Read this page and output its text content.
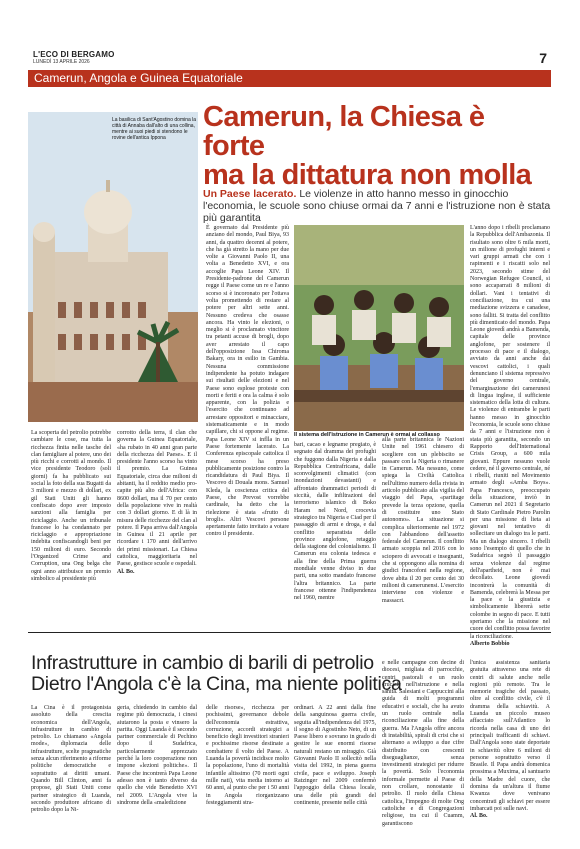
L'ECO DI BERGAMO
LUNEDÌ 13 APRILE 2026	7
Camerun, Angola e Guinea Equatoriale
La basilica di Sant'Agostino domina la città di Annaba dall'alto di una collina, mentre ai suoi piedi si stendono le rovine dell'antica Ippona
Camerun, la Chiesa è forte
ma la dittatura non molla
Un Paese lacerato. Le violenze in atto hanno messo in ginocchio l'economia, le scuole sono chiuse ormai da 7 anni e l'istruzione non è stata più garantita

La scoperta del petrolio potrebbe cambiare le cose, ma tutta la ricchezza finita nelle tasche del clan famigliare al potere, uno dei più ricchi e corrotti al mondo. Il vice presidente Teodoro (soli giorni) fa ha pubblicato sui social la foto della sua Bugatti da 3 milioni e mezzo di dollari, ex gil Stati Uniti gli hanno confiscato dopo aver imposto sanzioni alla famiglia per riciclaggio. Anche un tribunale francese lo ha condannato per riciclaggio e appropriazione indebita confiscandogli beni per 150 milioni di euro. Secondo l'Organized Crime and Corruption, una Ong belga che ogni anno attribuisce un premio simbolico al presidente più

corrotto della terra, il clan che governa la Guinea Equatoriale, «ha rubato in 40 anni gran parte della ricchezza del Paese». E il presidente l'anno scorso ha vinto il premio. La Guinea Equatoriale, circa due milioni di abitanti, ha il reddito medio pro-capite più alto dell'Africa: con 8600 dollari, ma il 70 per cento della popolazione vive in realtà con 3 dollari giorno. E di là in misura delle ricchezze del clan al potere. Il Papa arriva dall'Angola in Guinea il 21 aprile per ricordare i 170 anni dell'arrivo dei primi missionari. La Chiesa cattolica, maggioritaria nel Paese, gestisce scuole e ospedali.

Al. Bo.

È governato dal Presidente più anziano del mondo, Paul Biya, 93 anni, da quattro decenni al potere, che ha già stretto la mano per due volte a Giovanni Paolo II, una volta a Benedetto XVI, e ora accoglie Papa Leone XIV. Il Presidente-padrone del Camerun regge il Paese come un re e l'anno scorso si è incoronato per l'ottava volta promettendo di restare al potere per altri sette anni. Nessuno credeva che osasse ancora. Ha vinto le elezioni, o meglio si è proclamato vincitore tra petanti accuse di brogli, dopo aver arrestato il capo dell'opposizione Issa Chiroma Bakary, ora in esilio in Gambia. Nessuna commissione indipendente ha potuto indagare sui risultati delle elezioni e nel Paese sono esplose proteste con morti e feriti e ora la calma è solo apparente, con la polizia e l'esercito che continuano ad arrestare oppositori e minacciare, sistematicamente e in modo capillare, chi si oppone al regime. Papa Leone XIV si inflla in un Paese fortemente lacerato. La Conferenza episcopale cattolica il mese scorso ha preso pubblicamente posizione contro la ricandidatura di Paul Biya. Il Vescovo di Douala mons. Samuel Kleda, la coscienza critica del Paese, che Prevost vorrebbe cardinale, ha detto che la rielezione è stata «frutto di brogli». Altri Vescovi persone apertamente fatto invitato a votare contro il presidente.

Il sistema dell'istruzione in Camerun è ormai al collasso

bari, cacao e legname pregiato, è segnato dal dramma dei profughi che fuggono dalla Nigeria e dalla Repubblica Centrafricana, dalle sconvolgimenti climatici (con inondazioni devastanti) e affrontato drammatici periodi di siccità, dalle infiltrazioni del terrorismo islamico di Boko Haram nel Nord, crocevia strategico tra Nigeria e Ciad per il passaggio di armi e droga, e dal conflitto separatista delle province anglofone, retaggio della stagione del colonialismo. Il Camerun era colonia tedesca e alla fine della Prima guerra mondiale venne diviso in due parti, una sotto mandato francese l'altra britannico. La parte francese ottenne l'indipendenza nel 1960, mentre

alla parte britannica le Nazioni Unite nel 1961 chiesero di scegliere con un plebiscito se passare con la Nigeria o rimanere in Camerun. Ma nessuno, come spiega la Civiltà Cattolica nell'ultimo numero della rivista in articolo pubblicato alla vigilia del viaggio del Papa, «partitage prevede la terza opzione, quella di costituire uno Stato autonomo». La situazione si complica ulteriormente nel 1972 con l'abbandono dell'assetto federale del Camerun. Il conflitto armato scoppia nel 2016 con lo sciopero di avvocati e insegnanti, che si oppongono alla nomina di giudici francofoni nella regione, dove abita il 20 per cento dei 30 milioni di camerunensi. L'esercito interviene con violenze e massacri.

L'anno dopo i ribelli proclamano la Repubblica dell'Ambazonia. Il risultato sono oltre 6 mila morti, un milione di profughi interni e vari gruppi armati che con i rapimenti e i riscatti solo nel 2023, secondo stime del Norwegian Refugee Council, si sono accaparrati 8 milioni di dollari. Vani i tentativi di conciliazione, tra cui una mediazione svizzera e canadese, sono falliti. Si tratta del conflitto più dimenticato del mondo. Papa Leone giovedì andrà a Bamenda, capitale delle province anglofone, per sostenere il processo di pace e il dialogo, avviato da anni anche dai vescovi cattolici, i quali denunciano il sistema repressivo del governo centrale, l'emarginazione dei camerunesi di lingua inglese, il sufficiente sistematico della lotta di cultura. Le violenze di entrambe le parti hanno messo in ginocchio l'economia, le scuole sono chiuse da 7 anni e l'istruzione non è stata più garantita, secondo un Rapporto dell'International Crisis Group, a 600 mila giovani. Eppure nessuno vuole cedere, né il governo centrale, né i ribelli, riuniti nel Movimento armato degli «Amba Boys». Papa Francesco, preoccupato della situazione, inviò in Camerun nel 2021 il Segretario di Stato Cardinale Pietro Parolin per una missione di lieta ai giovani nel tentativo di sollecitare un dialogo tra le parti. Ma un dialogo sincero. I ribelli sono l'esempio di quello che in Sudafrica segnò il passaggio senza violenze dal regime dell'apartheid, non è mai decollato. Leone giovedì incontrerà la comunità di Bamenda, celebrerà la Messa per la pace e la giustizia e simbolicamente libererà sette colombe in segno di pace. E tutti speriamo che la missione nel cuore del conflitto possa favorire la riconciliazione.

Alberto Bobbio

Infrastrutture in cambio di barili di petrolio
Dietro l'Angola c'è la Cina, ma niente politica

La Cina è il protagonista assoluto della crescita economica dell'Angola, infrastrutture in cambio di petrolio. Lo chiamano «Angola mode», diplomazia delle infrastrutture, scelte pragmatiche senza alcun riferimento a riforme politiche democratiche e soprattutto ai diritti umani. Quando Bill Clinton, anni fa propose, gli Stati Uniti come partner strategico di Luanda, secondo produttore africano di petrolio dopo la Ni-

geria, chiedendo in cambio dal regime più democrazia, i cinesi aiutarono la posta e vinsero la partita. Oggi Luanda è il secondo partner commerciale di Pechino dopo il Sudafrica, particolarmente apprezzato perché la loro cooperazione non impone «lezioni politiche». Il Paese che incontrerà Papa Leone adesso non è tanto diverso da quello che vide Benedetto XVI nel 2009. L'Angola vive la sindrome della «maledizione

delle risorse», ricchezza per pochissimi, governance debole dell'economia estrattiva, corruzione, accordi strategici a beneficio degli investitori stranieri e pochissime risorse destinate a combattere il volto del Paese. A Luanda la povertà incidisce molto la popolazione, l'uno di mortalità infantile altissimo (70 morti ogni mille nati), vita media intorno ai 60 anni, al punto che per i 50 anni in Angola riorganizzano festeggiamenti stra-

ordinari. A 22 anni dalla fine della sanguinosa guerra civile, seguita all'indipendenza del 1975, il sogno di Agostinho Neto, di un Paese libero e sovrano in grado di gestire le sue enormi risorse naturali restano un miraggio. Già Giovanni Paolo II sollecitò nella visita del 1992, in piena guerra civile, pace e sviluppo. Joseph Ratzinger nel 2009 confermò l'appoggio della Chiesa locale, una delle più grandi del continente, presente nelle città

e nelle campagne con decine di diocesi, migliaia di parrocchie, centri pastorali e un ruolo cruciale nell'istruzione e nella sanità. Salesiani e Cappuccini alla guida di molti programmi educativi e sociali, che ha avuto un ruolo centrale nella riconciliazione alla fine della guerra. Ma l'Angola offre ancora di instabilità, spirali di crisi che si alternano a sviluppo a due cifre distribuito con crescenti diseguaglianze, senza investimenti strategici per ridurre la povertà. Solo l'economia informale permette al Paese di non crollare, nonostante il petrolio. Il ruolo della Chiesa cattolica, l'impegno di molte Ong cattoliche e di Congregazioni religiose, tra cui il Cuamm, garantiscono

l'unica assistenza sanitaria gratuita attraverso una rete di centri di salute anche nelle regioni più remote. Tra le memorie tragiche del passato, oltre al conflitto civile, c'è il dramma della schiavitù. A Luanda un piccolo museo affacciato sull'Atlantico lo ricorda nella casa di uno dei principali trafficanti di schiavi. Dall'Angola sono state deportate in schiavitù oltre 6 milioni di persone soprattutto verso il Brasile. Il Papa andrà domenica prossima a Muxima, al santuario della Madre del cuore, che domina da un'altura il fiume Kwanza dove venivano concentrati gli schiavi per essere imbarcati poi sulle navi.

Al. Bo.
